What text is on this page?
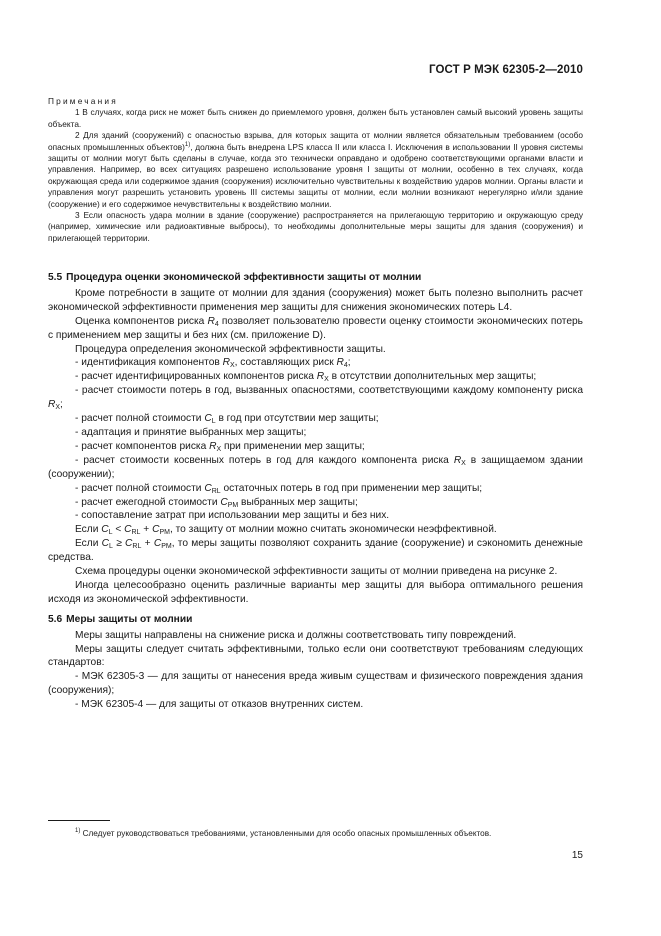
ГОСТ Р МЭК 62305-2—2010

Примечания

1 В случаях, когда риск не может быть снижен до приемлемого уровня, должен быть установлен самый высокий уровень защиты объекта.

2 Для зданий (сооружений) с опасностью взрыва, для которых защита от молнии является обязательным требованием (особо опасных промышленных объектов)$^{1)}$, должна быть внедрена LPS класса II или класса I. Исключения в использовании II уровня системы защиты от молнии могут быть сделаны в случае, когда это технически оправдано и одобрено соответствующими органами власти и управления. Например, во всех ситуациях разрешено использование уровня I защиты от молнии, особенно в тех случаях, когда окружающая среда или содержимое здания (сооружения) исключительно чувствительны к воздействию ударов молнии. Органы власти и управления могут разрешить установить уровень III системы защиты от молнии, если молнии возникают нерегулярно и/или здание (сооружение) и его содержимое нечувствительны к воздействию молнии.

3 Если опасность удара молнии в здание (сооружение) распространяется на прилегающую территорию и окружающую среду (например, химические или радиоактивные выбросы), то необходимы дополнительные меры защиты для здания (сооружения) и прилегающей территории.

5.5 Процедура оценки экономической эффективности защиты от молнии

Кроме потребности в защите от молнии для здания (сооружения) может быть полезно выполнить расчет экономической эффективности применения мер защиты для снижения экономических потерь L4.

Оценка компонентов риска $R_4$ позволяет пользователю провести оценку стоимости экономических потерь с применением мер защиты и без них (см. приложение D).

Процедура определения экономической эффективности защиты.

- идентификация компонентов $R_X$, составляющих риск $R_4$;

- расчет идентифицированных компонентов риска $R_X$ в отсутствии дополнительных мер защиты;

- расчет стоимости потерь в год, вызванных опасностями, соответствующими каждому компоненту риска $R_X$;

- расчет полной стоимости $C_L$ в год при отсутствии мер защиты;

- адаптация и принятие выбранных мер защиты;

- расчет компонентов риска $R_X$ при применении мер защиты;

- расчет стоимости косвенных потерь в год для каждого компонента риска $R_X$ в защищаемом здании (сооружении);

- расчет полной стоимости $C_{RL}$ остаточных потерь в год при применении мер защиты;

- расчет ежегодной стоимости $C_{PM}$ выбранных мер защиты;

- сопоставление затрат при использовании мер защиты и без них.

Если $C_L < C_{RL} + C_{PM}$, то защиту от молнии можно считать экономически неэффективной.

Если $C_L \ge C_{RL} + C_{PM}$, то меры защиты позволяют сохранить здание (сооружение) и сэкономить денежные средства.

Схема процедуры оценки экономической эффективности защиты от молнии приведена на рисунке 2.

Иногда целесообразно оценить различные варианты мер защиты для выбора оптимального решения исходя из экономической эффективности.

5.6 Меры защиты от молнии

Меры защиты направлены на снижение риска и должны соответствовать типу повреждений.

Меры защиты следует считать эффективными, только если они соответствуют требованиям следующих стандартов:

- МЭК 62305-3 — для защиты от нанесения вреда живым существам и физического повреждения здания (сооружения);

- МЭК 62305-4 — для защиты от отказов внутренних систем.

$^{1)}$ Следует руководствоваться требованиями, установленными для особо опасных промышленных объектов.
15
